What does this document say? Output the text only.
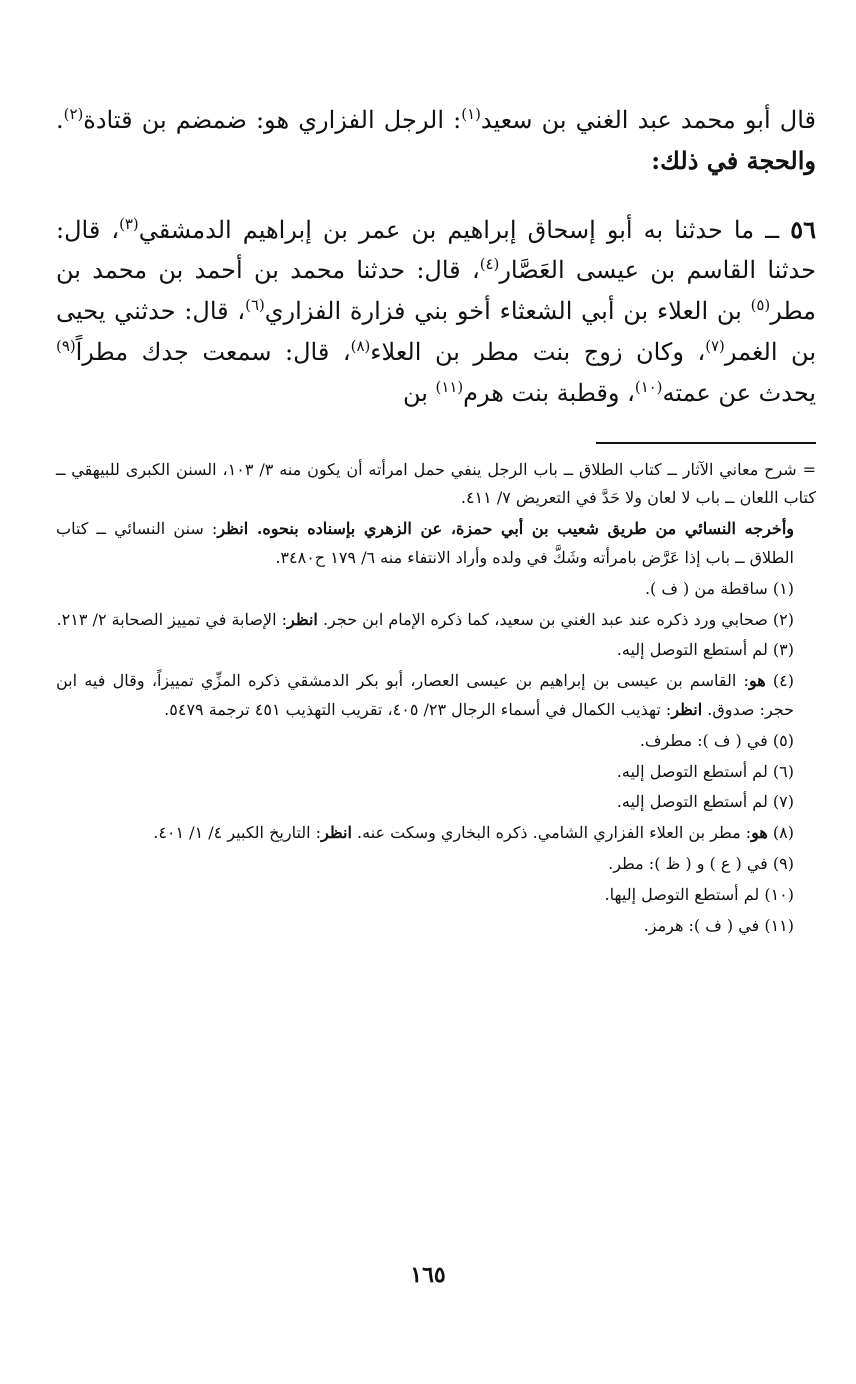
قال أبو محمد عبد الغني بن سعيد$^{(١)}$: الرجل الفزاري هو: ضمضم بن قتادة$^{(٢)}$. والحجة في ذلك:

٥٦ ــ ما حدثنا به أبو إسحاق إبراهيم بن عمر بن إبراهيم الدمشقي$^{(٣)}$، قال: حدثنا القاسم بن عيسى العَصَّار$^{(٤)}$، قال: حدثنا محمد بن أحمد بن محمد بن مطر$^{(٥)}$ بن العلاء بن أبي الشعثاء أخو بني فزارة الفزاري$^{(٦)}$، قال: حدثني يحيى بن الغمر$^{(٧)}$، وكان زوج بنت مطر بن العلاء$^{(٨)}$، قال: سمعت جدك مطراً$^{(٩)}$ يحدث عن عمته$^{(١٠)}$، وقطبة بنت هرم$^{(١١)}$ بن

= شرح معاني الآثار ــ كتاب الطلاق ــ باب الرجل ينفي حمل امرأته أن يكون منه ٣/ ١٠٣، السنن الكبرى للبيهقي ــ كتاب اللعان ــ باب لا لعان ولا حَدَّ في التعريض ٧/ ٤١١.

وأخرجه النسائي من طريق شعيب بن أبي حمزة، عن الزهري بإسناده بنحوه. انظر: سنن النسائي ــ كتاب الطلاق ــ باب إذا عَرَّض بامرأته وشَكَّ في ولده وأراد الانتفاء منه ٦/ ١٧٩ ح٣٤٨٠.

(١) ساقطة من ( ف ).

(٢) صحابي ورد ذكره عند عبد الغني بن سعيد، كما ذكره الإمام ابن حجر. انظر: الإصابة في تمييز الصحابة ٢/ ٢١٣.

(٣) لم أستطع التوصل إليه.

(٤) هو: القاسم بن عيسى بن إبراهيم بن عيسى العصار، أبو بكر الدمشقي ذكره المزِّي تمييزاً، وقال فيه ابن حجر: صدوق. انظر: تهذيب الكمال في أسماء الرجال ٢٣/ ٤٠٥، تقريب التهذيب ٤٥١ ترجمة ٥٤٧٩.

(٥) في ( ف ): مطرف.

(٦) لم أستطع التوصل إليه.

(٧) لم أستطع التوصل إليه.

(٨) هو: مطر بن العلاء الفزاري الشامي. ذكره البخاري وسكت عنه. انظر: التاريخ الكبير ٤/ ١/ ٤٠١.

(٩) في ( ع ) و ( ظ ): مطر.

(١٠) لم أستطع التوصل إليها.

(١١) في ( ف ): هرمز.

١٦٥
